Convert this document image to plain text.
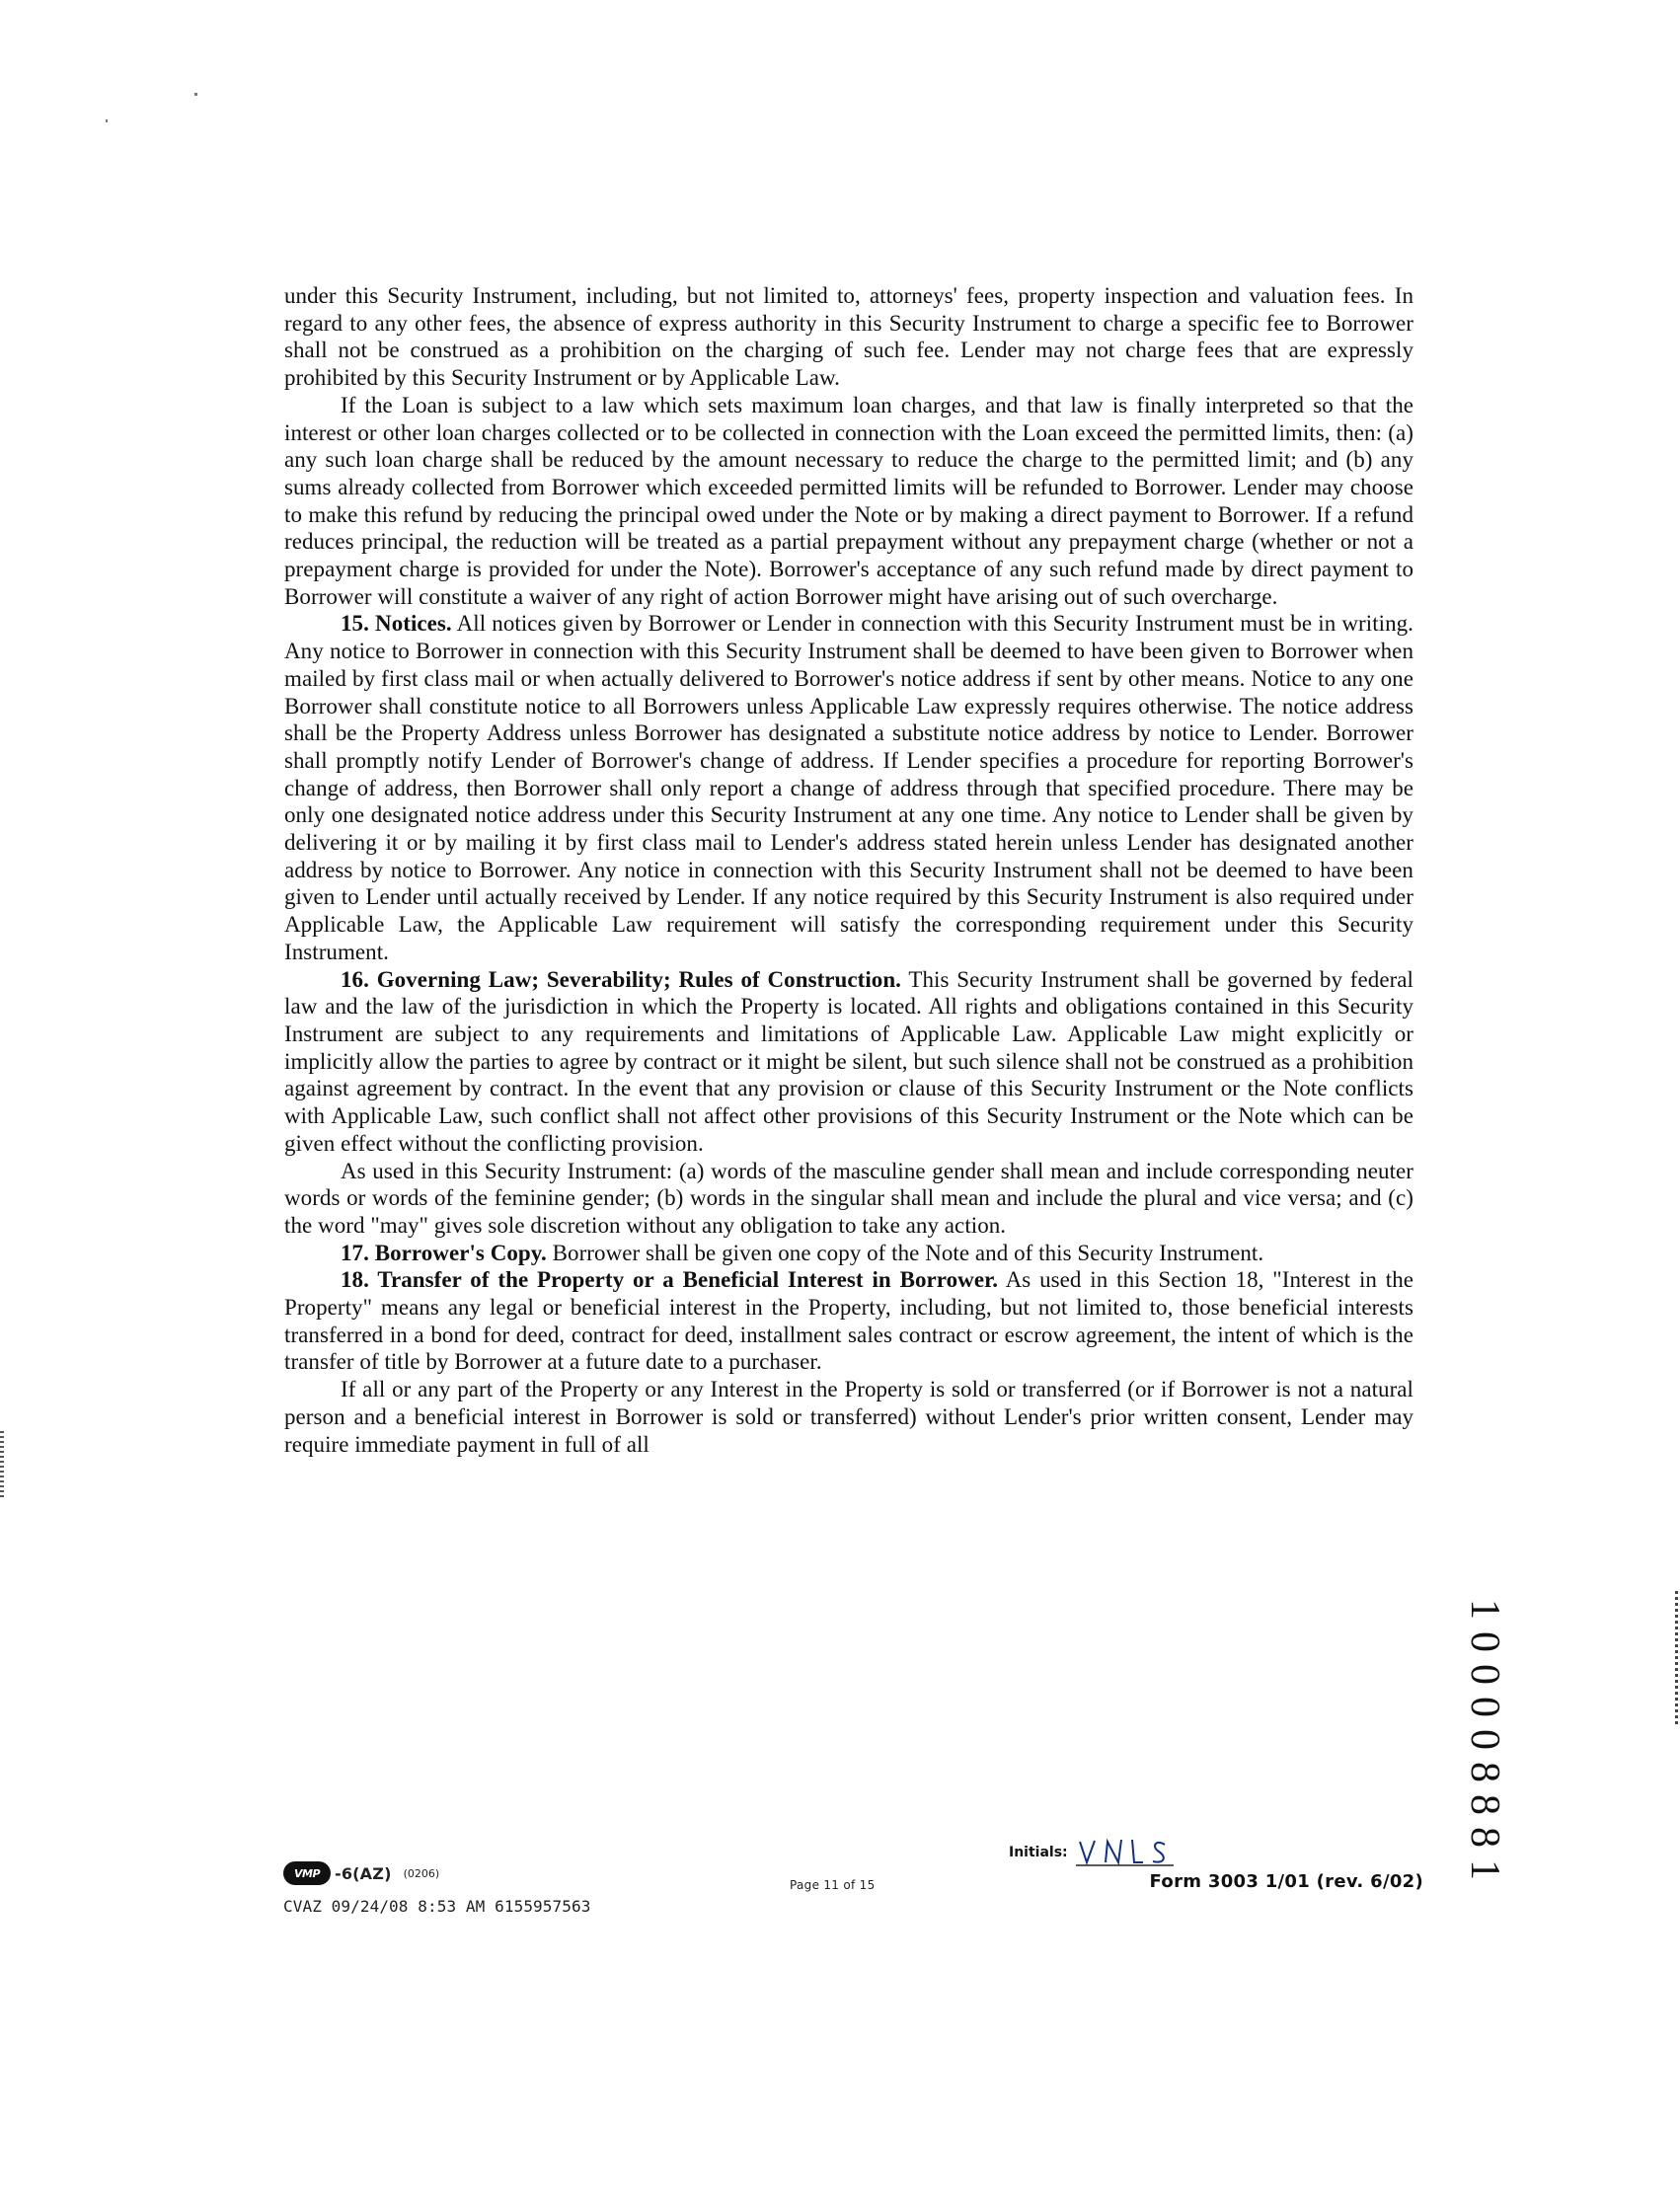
under this Security Instrument, including, but not limited to, attorneys' fees, property inspection and valuation fees. In regard to any other fees, the absence of express authority in this Security Instrument to charge a specific fee to Borrower shall not be construed as a prohibition on the charging of such fee. Lender may not charge fees that are expressly prohibited by this Security Instrument or by Applicable Law.

If the Loan is subject to a law which sets maximum loan charges, and that law is finally interpreted so that the interest or other loan charges collected or to be collected in connection with the Loan exceed the permitted limits, then: (a) any such loan charge shall be reduced by the amount necessary to reduce the charge to the permitted limit; and (b) any sums already collected from Borrower which exceeded permitted limits will be refunded to Borrower. Lender may choose to make this refund by reducing the principal owed under the Note or by making a direct payment to Borrower. If a refund reduces principal, the reduction will be treated as a partial prepayment without any prepayment charge (whether or not a prepayment charge is provided for under the Note). Borrower's acceptance of any such refund made by direct payment to Borrower will constitute a waiver of any right of action Borrower might have arising out of such overcharge.

15. Notices. All notices given by Borrower or Lender in connection with this Security Instrument must be in writing. Any notice to Borrower in connection with this Security Instrument shall be deemed to have been given to Borrower when mailed by first class mail or when actually delivered to Borrower's notice address if sent by other means. Notice to any one Borrower shall constitute notice to all Borrowers unless Applicable Law expressly requires otherwise. The notice address shall be the Property Address unless Borrower has designated a substitute notice address by notice to Lender. Borrower shall promptly notify Lender of Borrower's change of address. If Lender specifies a procedure for reporting Borrower's change of address, then Borrower shall only report a change of address through that specified procedure. There may be only one designated notice address under this Security Instrument at any one time. Any notice to Lender shall be given by delivering it or by mailing it by first class mail to Lender's address stated herein unless Lender has designated another address by notice to Borrower. Any notice in connection with this Security Instrument shall not be deemed to have been given to Lender until actually received by Lender. If any notice required by this Security Instrument is also required under Applicable Law, the Applicable Law requirement will satisfy the corresponding requirement under this Security Instrument.

16. Governing Law; Severability; Rules of Construction. This Security Instrument shall be governed by federal law and the law of the jurisdiction in which the Property is located. All rights and obligations contained in this Security Instrument are subject to any requirements and limitations of Applicable Law. Applicable Law might explicitly or implicitly allow the parties to agree by contract or it might be silent, but such silence shall not be construed as a prohibition against agreement by contract. In the event that any provision or clause of this Security Instrument or the Note conflicts with Applicable Law, such conflict shall not affect other provisions of this Security Instrument or the Note which can be given effect without the conflicting provision.

As used in this Security Instrument: (a) words of the masculine gender shall mean and include corresponding neuter words or words of the feminine gender; (b) words in the singular shall mean and include the plural and vice versa; and (c) the word "may" gives sole discretion without any obligation to take any action.

17. Borrower's Copy. Borrower shall be given one copy of the Note and of this Security Instrument.

18. Transfer of the Property or a Beneficial Interest in Borrower. As used in this Section 18, "Interest in the Property" means any legal or beneficial interest in the Property, including, but not limited to, those beneficial interests transferred in a bond for deed, contract for deed, installment sales contract or escrow agreement, the intent of which is the transfer of title by Borrower at a future date to a purchaser.

If all or any part of the Property or any Interest in the Property is sold or transferred (or if Borrower is not a natural person and a beneficial interest in Borrower is sold or transferred) without Lender's prior written consent, Lender may require immediate payment in full of all

Initials:
VMP -6(AZ) (0206)
CVAZ 09/24/08 8:53 AM 6155957563
Page 11 of 15	Form 3003 1/01 (rev. 6/02) 100008881
